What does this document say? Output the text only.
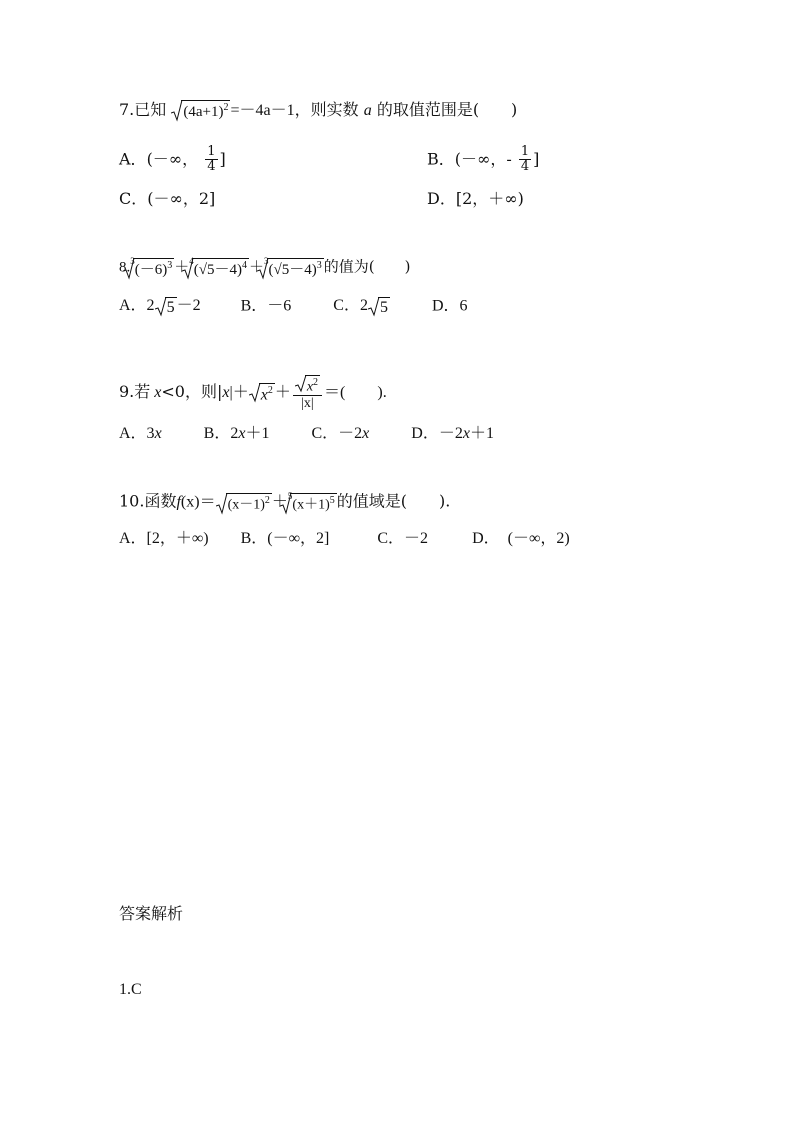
7.已知 $(4a+1)^2 =-4a-1$，则实数 a 的取值范围是(　　)
A．(－∞， $\frac{1}{4}$ ]	B．(－∞，- $\frac{1}{4}$ ]
C．(－∞，2]	D．[2，＋∞)
8.$^3$
$(-6)^3 +^4$
$(√5-4)^4 +^3$
$(√5-4)^3$ 的值为(　　)
A．2 5 －2	B．－6	C．2 5	D．6
9.若 x<0，则$|x|+ x^2 + \frac{x^2}{|x|}$ ＝(　　).
A．3x	B．2x＋1	C．－2x	D．－2x＋1
10.函数$f(x)= (x-1)^2 +^5$
$(x+1)^5$ 的值域是(　　).
A．[2，＋∞) B．(－∞，2]	C．－2	D．　(－∞，2)
答案解析
1.C
